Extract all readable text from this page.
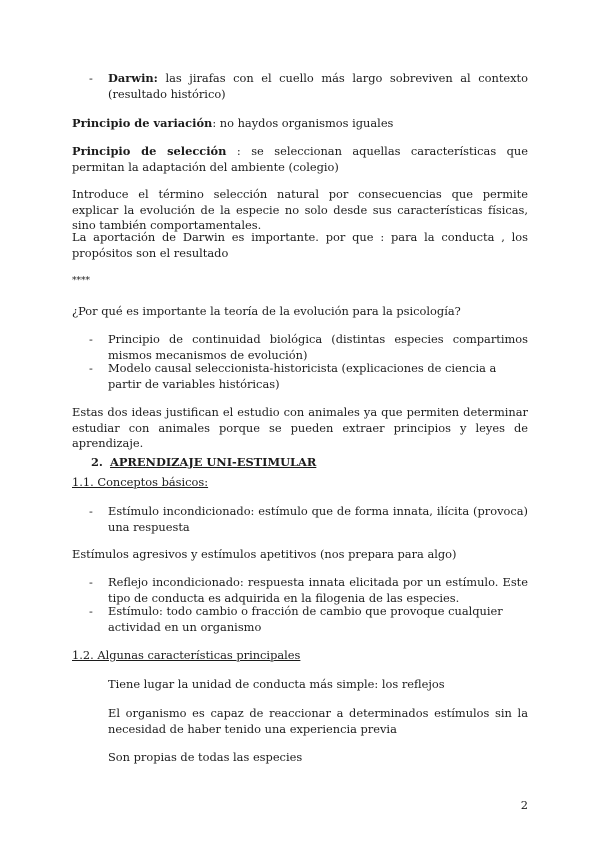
-	Darwin: las jirafas con el cuello más largo sobreviven al contexto (resultado histórico)
Principio de variación: no haydos organismos iguales
Principio de selección : se seleccionan aquellas características que permitan la adaptación del ambiente (colegio)
Introduce el término selección natural por consecuencias que permite explicar la evolución de la especie no solo desde sus características físicas, sino también comportamentales.
La aportación de Darwin es importante. por que : para la conducta , los propósitos son el resultado
****
¿Por qué es importante la teoría de la evolución para la psicología?
-	Principio de continuidad biológica (distintas especies compartimos mismos mecanismos de evolución)
-	Modelo causal seleccionista-historicista (explicaciones de ciencia a partir de variables históricas)
Estas dos ideas justifican el estudio con animales ya que permiten determinar estudiar con animales porque se pueden extraer principios y leyes de aprendizaje.
2. APRENDIZAJE UNI-ESTIMULAR
1.1. Conceptos básicos:
-	Estímulo incondicionado: estímulo que de forma innata, ilícita (provoca) una respuesta
Estímulos agresivos y estímulos apetitivos (nos prepara para algo)
-	Reflejo incondicionado: respuesta innata elicitada por un estímulo. Este tipo de conducta es adquirida en la filogenia de las especies.
-	Estímulo: todo cambio o fracción de cambio que provoque cualquier actividad en un organismo
1.2. Algunas características principales
Tiene lugar la unidad de conducta más simple: los reflejos
El organismo es capaz de reaccionar a determinados estímulos sin la necesidad de haber tenido una experiencia previa
Son propias de todas las especies
2
